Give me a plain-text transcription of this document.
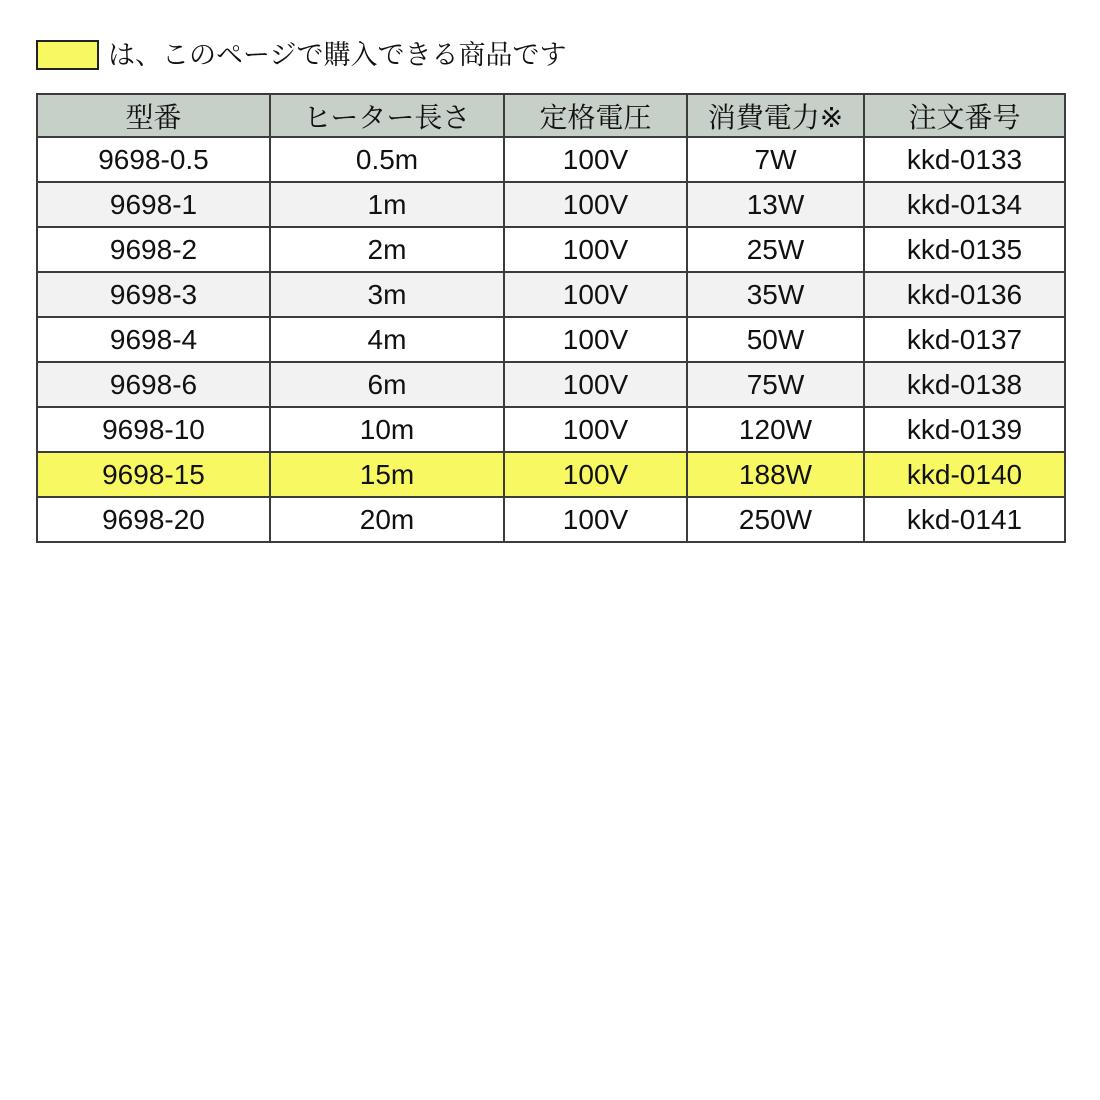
は、このページで購入できる商品です
型番	ヒーター長さ	定格電圧	消費電力※	注文番号
9698-0.5	0.5m	100V	7W	kkd-0133
9698-1	1m	100V	13W	kkd-0134
9698-2	2m	100V	25W	kkd-0135
9698-3	3m	100V	35W	kkd-0136
9698-4	4m	100V	50W	kkd-0137
9698-6	6m	100V	75W	kkd-0138
9698-10	10m	100V	120W	kkd-0139
9698-15	15m	100V	188W	kkd-0140
9698-20	20m	100V	250W	kkd-0141
